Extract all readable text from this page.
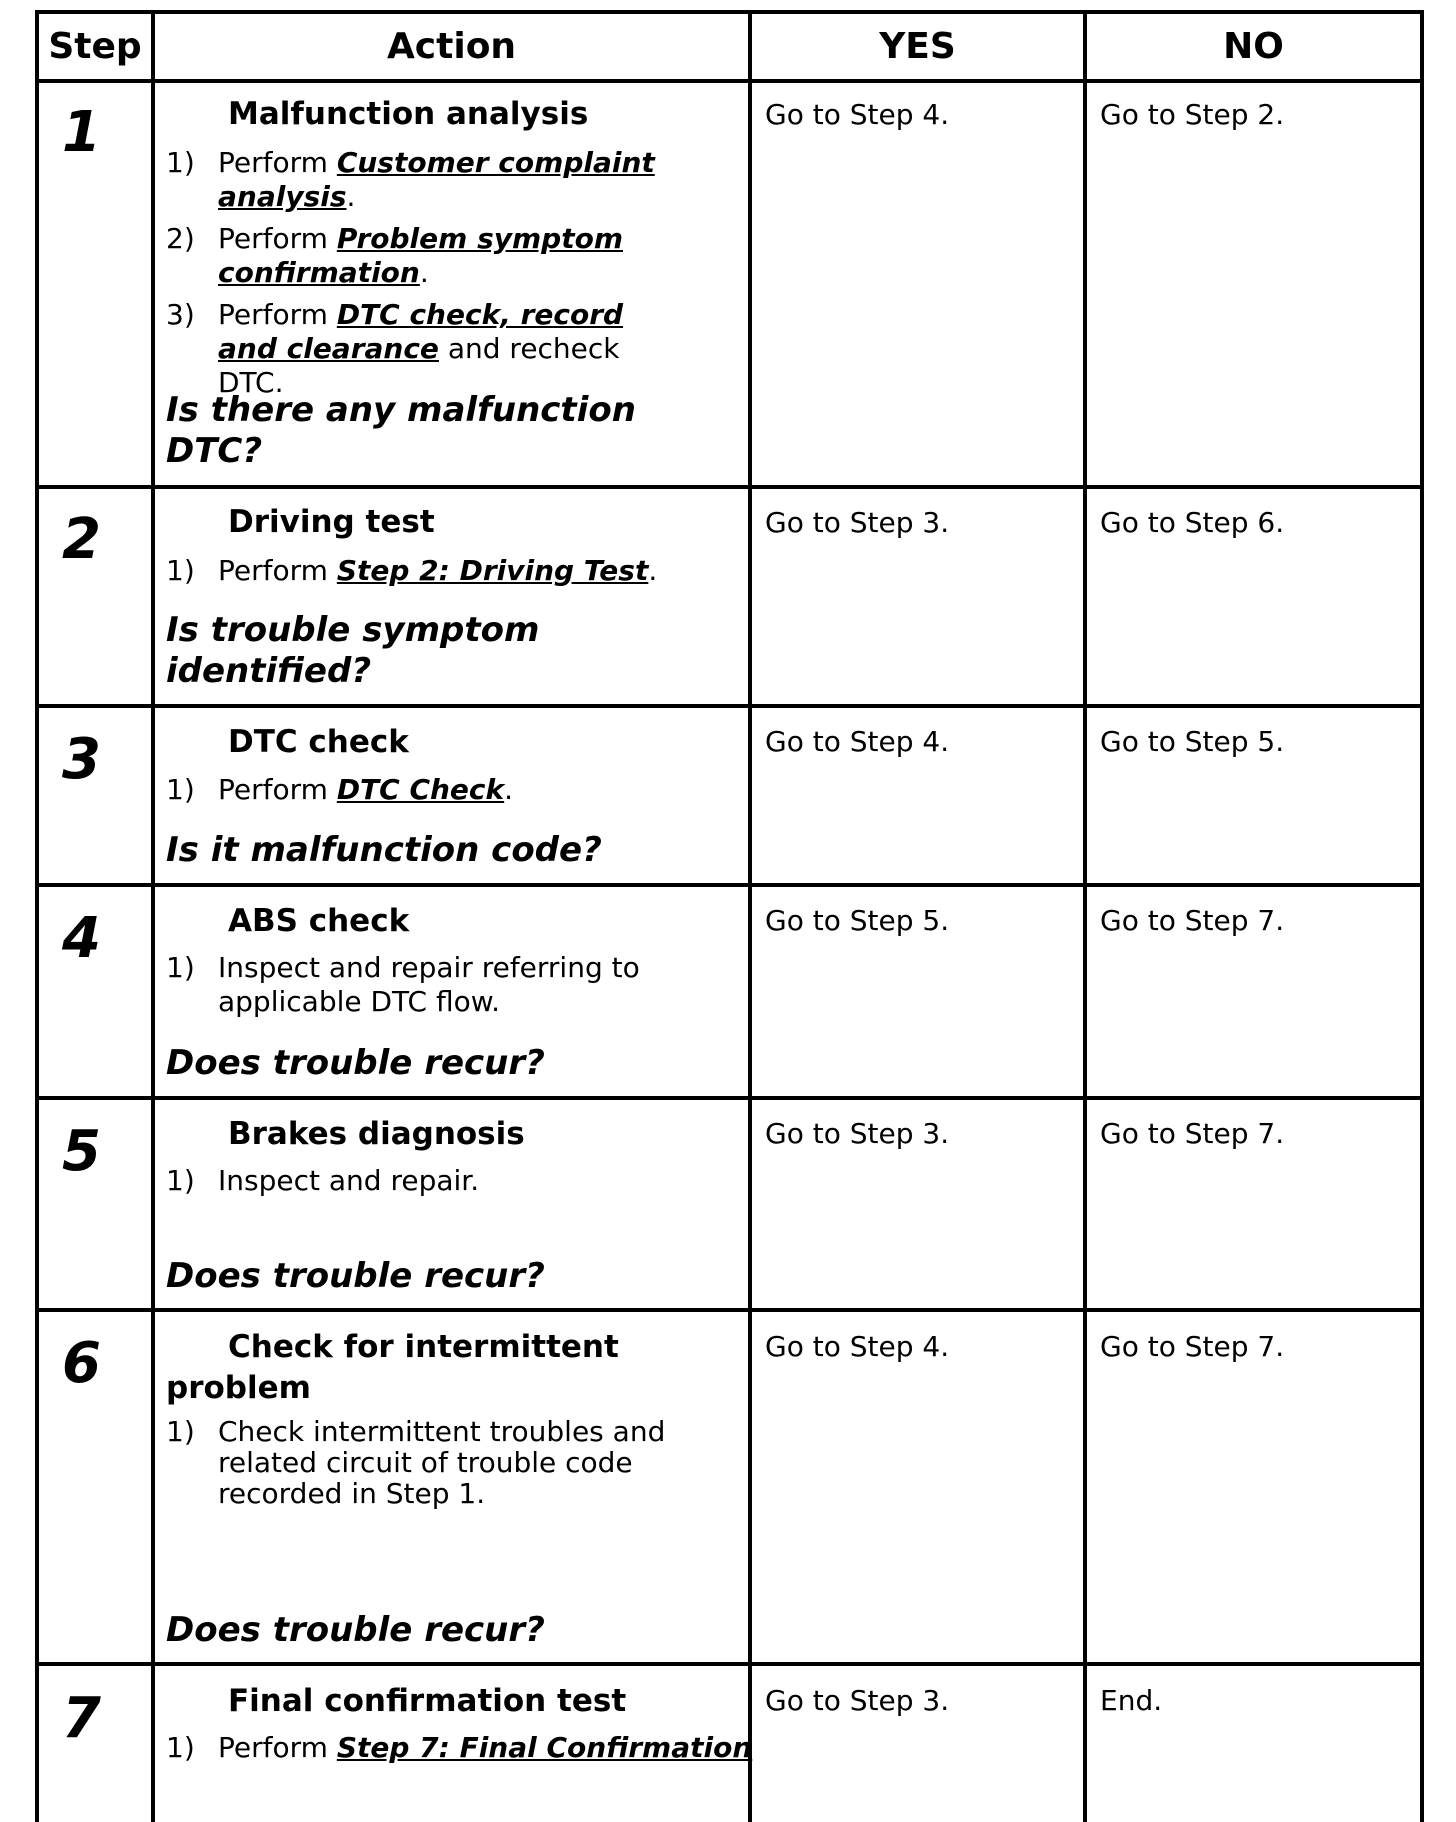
Step	Action	YES	NO
1	Malfunction analysis
1) Perform Customer complaint analysis.
2) Perform Problem symptom confirmation.
3) Perform DTC check, record and clearance and recheck DTC.
Is there any malfunction DTC?
Go to Step 4.	Go to Step 2.
2	Driving test
1) Perform Step 2: Driving Test.
Is trouble symptom identified?
Go to Step 3.	Go to Step 6.
3	DTC check
1) Perform DTC Check.
Is it malfunction code?
Go to Step 4.	Go to Step 5.
4	ABS check
1) Inspect and repair referring to applicable DTC flow.
Does trouble recur?
Go to Step 5.	Go to Step 7.
5	Brakes diagnosis
1) Inspect and repair.
Does trouble recur?
Go to Step 3.	Go to Step 7.
6	Check for intermittent
problem
1) Check intermittent troubles and related circuit of trouble code recorded in Step 1.
Does trouble recur?
Go to Step 4.	Go to Step 7.
7	Final confirmation test
1) Perform Step 7: Final Confirmation
Go to Step 3.	End.
